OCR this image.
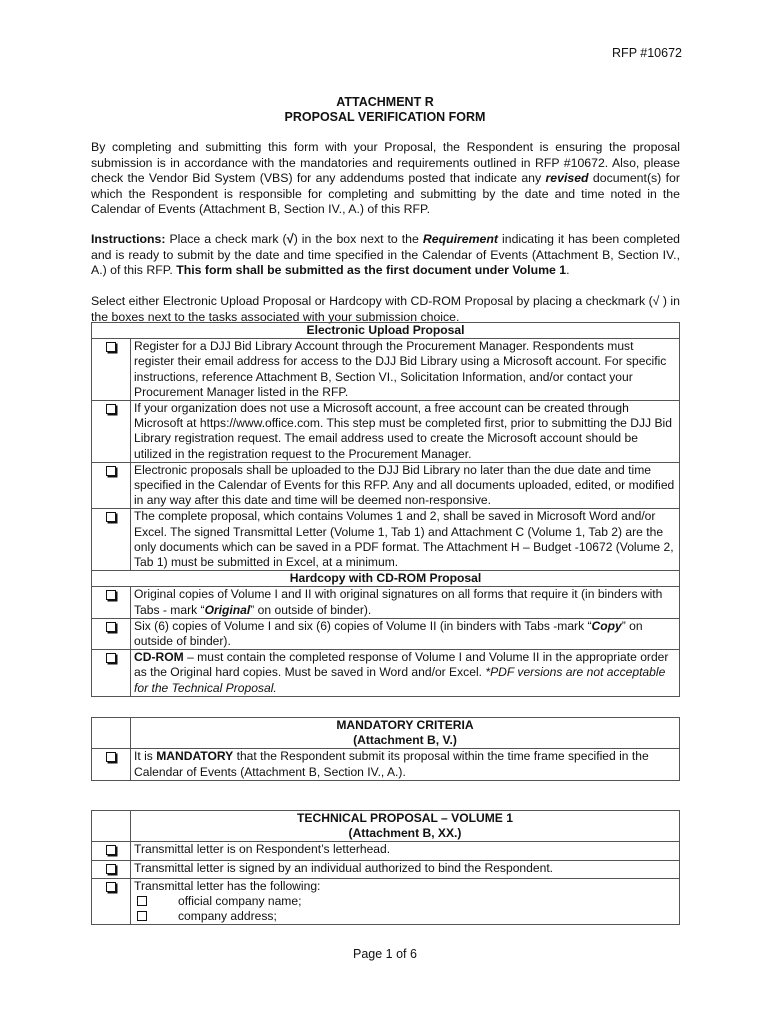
RFP #10672
ATTACHMENT R
PROPOSAL VERIFICATION FORM
By completing and submitting this form with your Proposal, the Respondent is ensuring the proposal submission is in accordance with the mandatories and requirements outlined in RFP #10672. Also, please check the Vendor Bid System (VBS) for any addendums posted that indicate any revised document(s) for which the Respondent is responsible for completing and submitting by the date and time noted in the Calendar of Events (Attachment B, Section IV., A.) of this RFP.
Instructions: Place a check mark (√) in the box next to the Requirement indicating it has been completed and is ready to submit by the date and time specified in the Calendar of Events (Attachment B, Section IV., A.) of this RFP. This form shall be submitted as the first document under Volume 1.
Select either Electronic Upload Proposal or Hardcopy with CD-ROM Proposal by placing a checkmark (√ ) in the boxes next to the tasks associated with your submission choice.
Electronic Upload Proposal	
	Register for a DJJ Bid Library Account through the Procurement Manager. Respondents must register their email address for access to the DJJ Bid Library using a Microsoft account. For specific instructions, reference Attachment B, Section VI., Solicitation Information, and/or contact your Procurement Manager listed in the RFP.
	If your organization does not use a Microsoft account, a free account can be created through Microsoft at https://www.office.com. This step must be completed first, prior to submitting the DJJ Bid Library registration request. The email address used to create the Microsoft account should be utilized in the registration request to the Procurement Manager.
	Electronic proposals shall be uploaded to the DJJ Bid Library no later than the due date and time specified in the Calendar of Events for this RFP. Any and all documents uploaded, edited, or modified in any way after this date and time will be deemed non-responsive.
	The complete proposal, which contains Volumes 1 and 2, shall be saved in Microsoft Word and/or Excel. The signed Transmittal Letter (Volume 1, Tab 1) and Attachment C (Volume 1, Tab 2) are the only documents which can be saved in a PDF format. The Attachment H – Budget -10672 (Volume 2, Tab 1) must be submitted in Excel, at a minimum.
Hardcopy with CD-ROM Proposal	
	Original copies of Volume I and II with original signatures on all forms that require it (in binders with Tabs - mark “Original” on outside of binder).
	Six (6) copies of Volume I and six (6) copies of Volume II (in binders with Tabs -mark “Copy” on outside of binder).
	CD-ROM – must contain the completed response of Volume I and Volume II in the appropriate order as the Original hard copies. Must be saved in Word and/or Excel. *PDF versions are not acceptable for the Technical Proposal.
	MANDATORY CRITERIA
(Attachment B, V.)
	It is MANDATORY that the Respondent submit its proposal within the time frame specified in the Calendar of Events (Attachment B, Section IV., A.).
	TECHNICAL PROPOSAL – VOLUME 1
(Attachment B, XX.)
	Transmittal letter is on Respondent’s letterhead.
	Transmittal letter is signed by an individual authorized to bind the Respondent.
	Transmittal letter has the following:
official company name;
company address;
Page 1 of 6
